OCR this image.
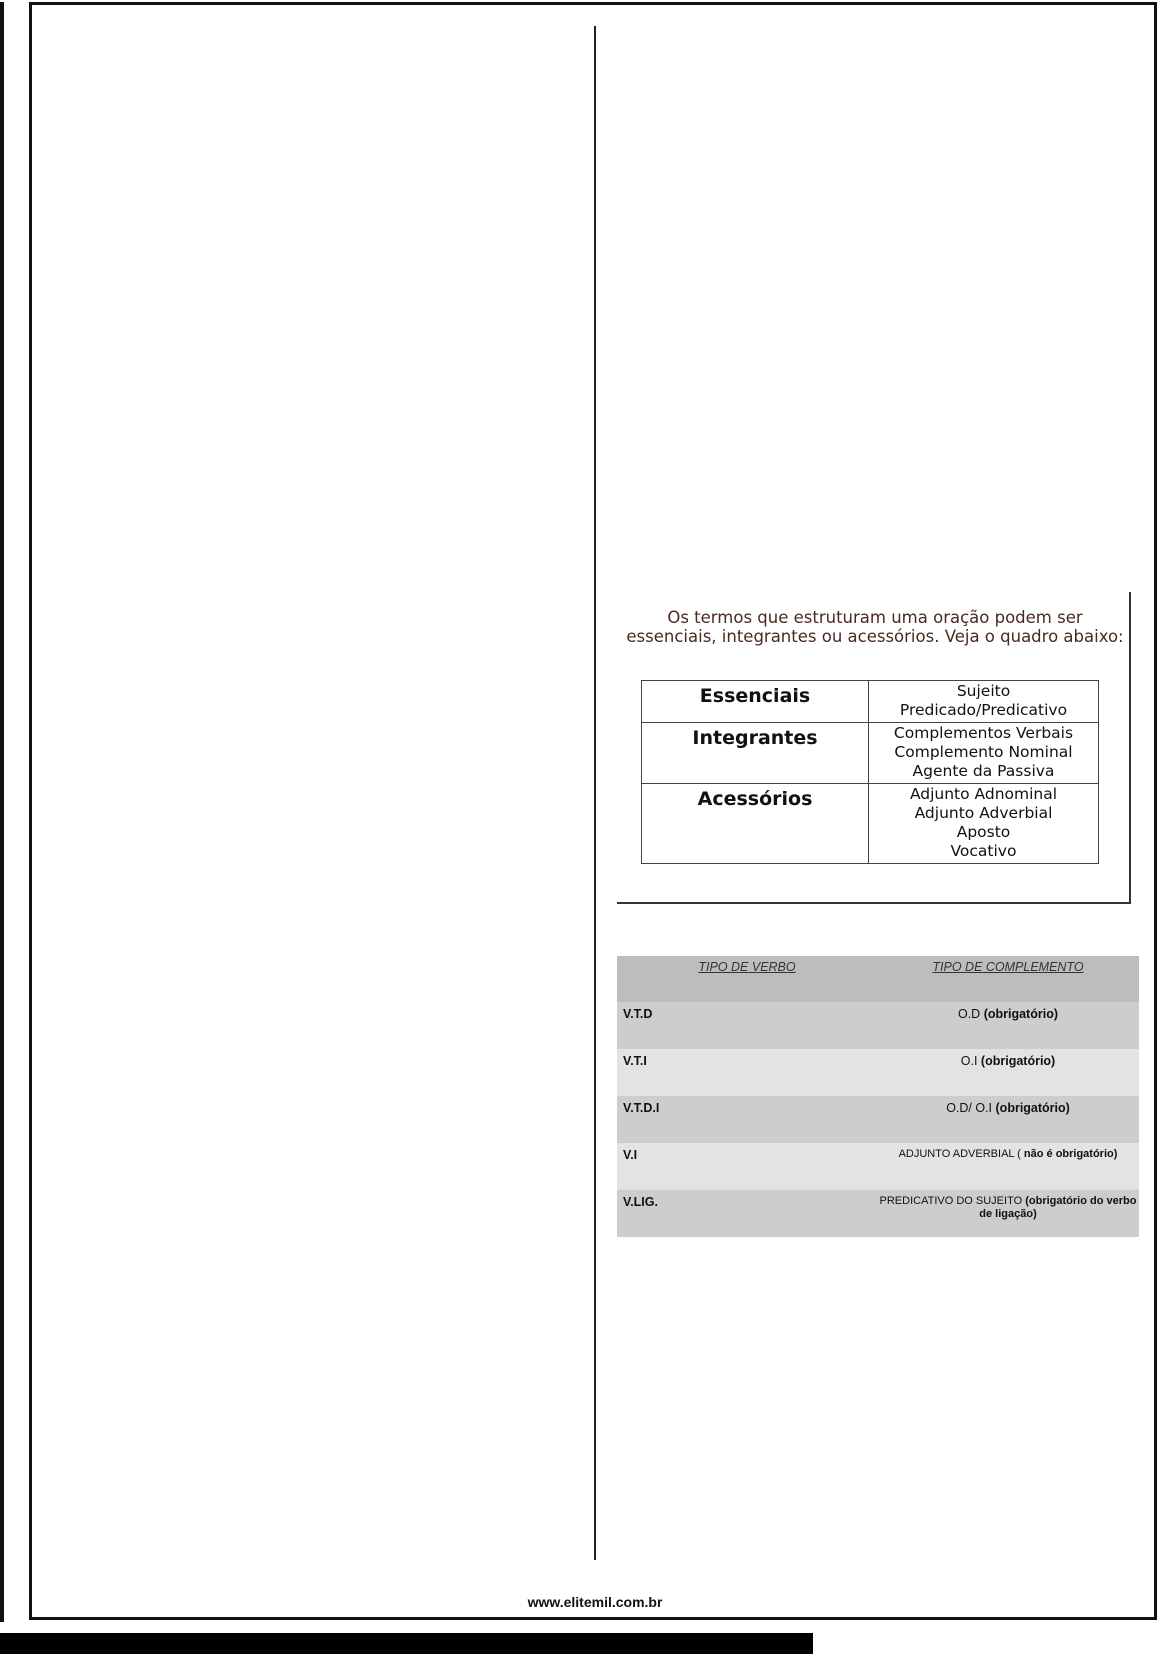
Os termos que estruturam uma oração podem ser essenciais, integrantes ou acessórios. Veja o quadro abaixo:
Essenciais	Sujeito
Predicado/Predicativo

Integrantes	Complementos Verbais
Complemento Nominal
Agente da Passiva

Acessórios	Adjunto Adnominal
Adjunto Adverbial
Aposto
Vocativo
TIPO DE VERBO	TIPO DE COMPLEMENTO
V.T.D	O.D (obrigatório)
V.T.I	O.I (obrigatório)
V.T.D.I	O.D/ O.I (obrigatório)
V.I	ADJUNTO ADVERBIAL ( não é obrigatório)
V.LIG.	PREDICATIVO DO SUJEITO (obrigatório do verbo de ligação)
www.elitemil.com.br
